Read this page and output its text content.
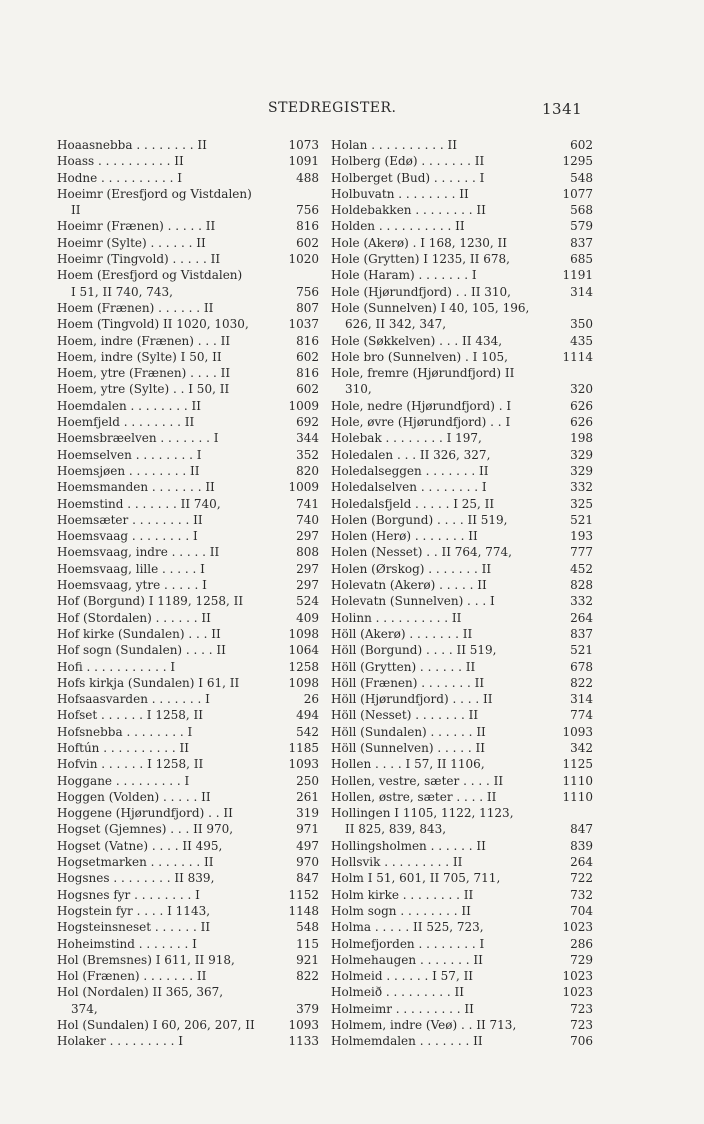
STEDREGISTER.	1341
Hoaasnebba . . . . . . . . II	1073
Hoass . . . . . . . . . . II	1091
Hodne . . . . . . . . . . I	488
Hoeimr (Eresfjord og Vistdalen)
II	756
Hoeimr (Frænen) . . . . . II	816
Hoeimr (Sylte) . . . . . . II	602
Hoeimr (Tingvold) . . . . . II	1020
Hoem (Eresfjord og Vistdalen)
I 51, II 740, 743,	756
Hoem (Frænen) . . . . . . II	807
Hoem (Tingvold) II 1020, 1030,	1037
Hoem, indre (Frænen) . . . II	816
Hoem, indre (Sylte) I 50, II	602
Hoem, ytre (Frænen) . . . . II	816
Hoem, ytre (Sylte) . . I 50, II	602
Hoemdalen . . . . . . . . II	1009
Hoemfjeld . . . . . . . . II	692
Hoemsbræelven . . . . . . . I	344
Hoemselven . . . . . . . . I	352
Hoemsjøen . . . . . . . . II	820
Hoemsmanden . . . . . . . II	1009
Hoemstind . . . . . . . II 740,	741
Hoemsæter . . . . . . . . II	740
Hoemsvaag . . . . . . . . I	297
Hoemsvaag, indre . . . . . II	808
Hoemsvaag, lille . . . . . I	297
Hoemsvaag, ytre . . . . . I	297
Hof (Borgund) I 1189, 1258, II	524
Hof (Stordalen) . . . . . . II	409
Hof kirke (Sundalen) . . . II	1098
Hof sogn (Sundalen) . . . . II	1064
Hofi . . . . . . . . . . . I	1258
Hofs kirkja (Sundalen) I 61, II	1098
Hofsaasvarden . . . . . . . I	26
Hofset . . . . . . I 1258, II	494
Hofsnebba . . . . . . . . I	542
Hoftún . . . . . . . . . . II	1185
Hofvin . . . . . . I 1258, II	1093
Hoggane . . . . . . . . . I	250
Hoggen (Volden) . . . . . II	261
Hoggene (Hjørundfjord) . . II	319
Hogset (Gjemnes) . . . II 970,	971
Hogset (Vatne) . . . . II 495,	497
Hogsetmarken . . . . . . . II	970
Hogsnes . . . . . . . . II 839,	847
Hogsnes fyr . . . . . . . . I	1152
Hogstein fyr . . . . I 1143,	1148
Hogsteinsneset . . . . . . II	548
Hoheimstind . . . . . . . I	115
Hol (Bremsnes) I 611, II 918,	921
Hol (Frænen) . . . . . . . II	822
Hol (Nordalen) II 365, 367,
374,	379
Hol (Sundalen) I 60, 206, 207, II	1093
Holaker . . . . . . . . . I	1133
Holan . . . . . . . . . . II	602
Holberg (Edø) . . . . . . . II	1295
Holberget (Bud) . . . . . . I	548
Holbuvatn . . . . . . . . II	1077
Holdebakken . . . . . . . . II	568
Holden . . . . . . . . . . II	579
Hole (Akerø) . I 168, 1230, II	837
Hole (Grytten) I 1235, II 678,	685
Hole (Haram) . . . . . . . I	1191
Hole (Hjørundfjord) . . II 310,	314
Hole (Sunnelven) I 40, 105, 196,
626, II 342, 347,	350
Hole (Søkkelven) . . . II 434,	435
Hole bro (Sunnelven) . I 105,	1114
Hole, fremre (Hjørundfjord) II
310,	320
Hole, nedre (Hjørundfjord) . I	626
Hole, øvre (Hjørundfjord) . . I	626
Holebak . . . . . . . . I 197,	198
Holedalen . . . II 326, 327,	329
Holedalseggen . . . . . . . II	329
Holedalselven . . . . . . . . I	332
Holedalsfjeld . . . . . I 25, II	325
Holen (Borgund) . . . . II 519,	521
Holen (Herø) . . . . . . . II	193
Holen (Nesset) . . II 764, 774,	777
Holen (Ørskog) . . . . . . . II	452
Holevatn (Akerø) . . . . . II	828
Holevatn (Sunnelven) . . . I	332
Holinn . . . . . . . . . . II	264
Höll (Akerø) . . . . . . . II	837
Höll (Borgund) . . . . II 519,	521
Höll (Grytten) . . . . . . II	678
Höll (Frænen) . . . . . . . II	822
Höll (Hjørundfjord) . . . . II	314
Höll (Nesset) . . . . . . . II	774
Höll (Sundalen) . . . . . . II	1093
Höll (Sunnelven) . . . . . II	342
Hollen . . . . I 57, II 1106,	1125
Hollen, vestre, sæter . . . . II	1110
Hollen, østre, sæter . . . . II	1110
Hollingen I 1105, 1122, 1123,
II 825, 839, 843,	847
Hollingsholmen . . . . . . II	839
Hollsvik . . . . . . . . . II	264
Holm I 51, 601, II 705, 711,	722
Holm kirke . . . . . . . . II	732
Holm sogn . . . . . . . . II	704
Holma . . . . . II 525, 723,	1023
Holmefjorden . . . . . . . . I	286
Holmehaugen . . . . . . . II	729
Holmeid . . . . . . I 57, II	1023
Holmeið . . . . . . . . . II	1023
Holmeimr . . . . . . . . . II	723
Holmem, indre (Veø) . . II 713,	723
Holmemdalen . . . . . . . II	706
